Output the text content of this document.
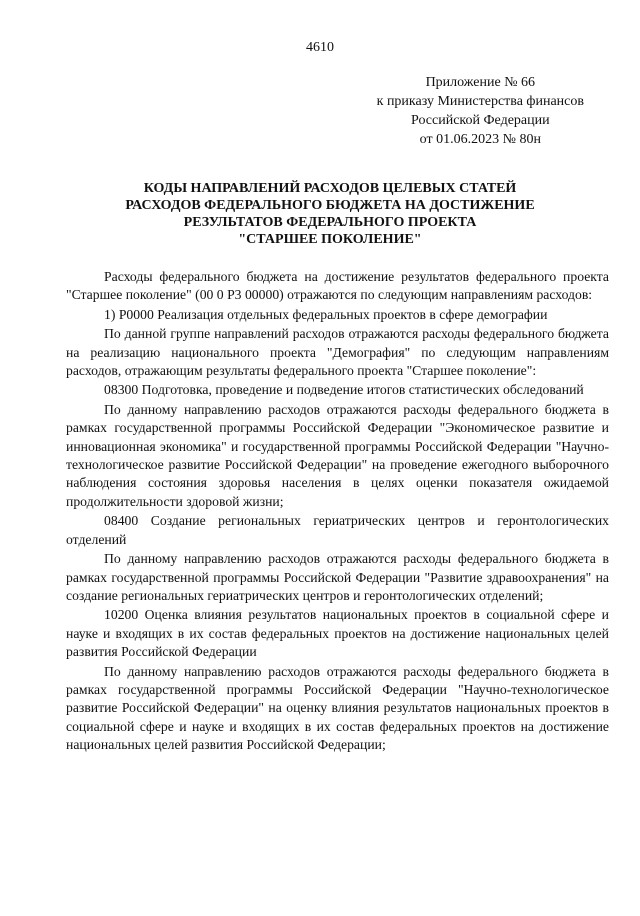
4610
Приложение № 66
к приказу Министерства финансов
Российской Федерации
от 01.06.2023 № 80н
КОДЫ НАПРАВЛЕНИЙ РАСХОДОВ ЦЕЛЕВЫХ СТАТЕЙ
РАСХОДОВ ФЕДЕРАЛЬНОГО БЮДЖЕТА НА ДОСТИЖЕНИЕ
РЕЗУЛЬТАТОВ ФЕДЕРАЛЬНОГО ПРОЕКТА
"СТАРШЕЕ ПОКОЛЕНИЕ"

Расходы федерального бюджета на достижение результатов федерального проекта "Старшее поколение" (00 0 Р3 00000) отражаются по следующим направлениям расходов:

1) Р0000 Реализация отдельных федеральных проектов в сфере демографии

По данной группе направлений расходов отражаются расходы федерального бюджета на реализацию национального проекта "Демография" по следующим направлениям расходов, отражающим результаты федерального проекта "Старшее поколение":

08300 Подготовка, проведение и подведение итогов статистических обследований

По данному направлению расходов отражаются расходы федерального бюджета в рамках государственной программы Российской Федерации "Экономическое развитие и инновационная экономика" и государственной программы Российской Федерации "Научно-технологическое развитие Российской Федерации" на проведение ежегодного выборочного наблюдения состояния здоровья населения в целях оценки показателя ожидаемой продолжительности здоровой жизни;

08400 Создание региональных гериатрических центров и геронтологических отделений

По данному направлению расходов отражаются расходы федерального бюджета в рамках государственной программы Российской Федерации "Развитие здравоохранения" на создание региональных гериатрических центров и геронтологических отделений;

10200 Оценка влияния результатов национальных проектов в социальной сфере и науке и входящих в их состав федеральных проектов на достижение национальных целей развития Российской Федерации

По данному направлению расходов отражаются расходы федерального бюджета в рамках государственной программы Российской Федерации "Научно-технологическое развитие Российской Федерации" на оценку влияния результатов национальных проектов в социальной сфере и науке и входящих в их состав федеральных проектов на достижение национальных целей развития Российской Федерации;
